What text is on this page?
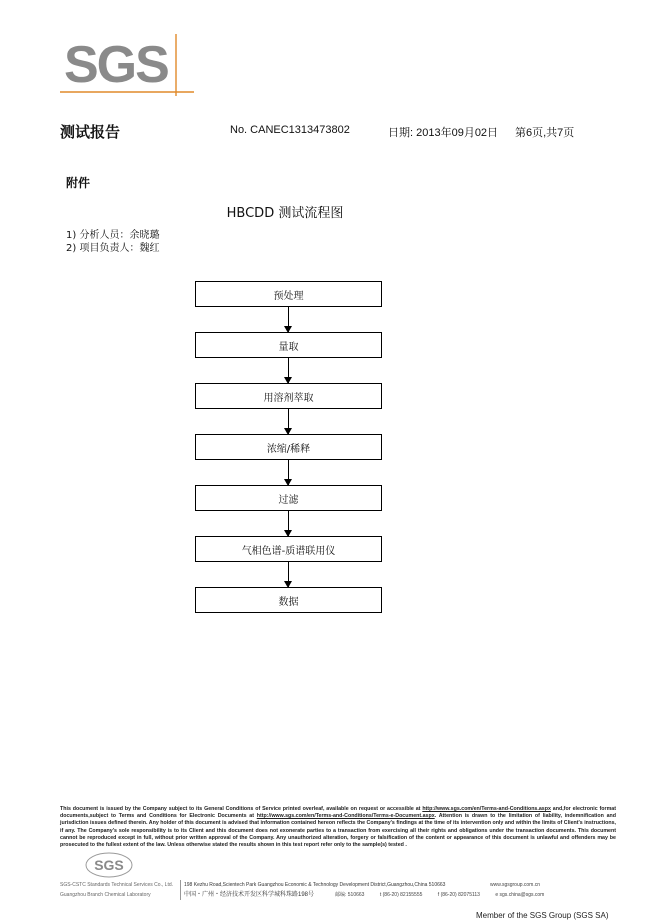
SGS
测试报告	No. CANEC1313473802	日期: 2013年09月02日 第6页,共7页
附件
HBCDD 测试流程图
1) 分析人员：余晓璐
2) 项目负责人：魏红
预处理
量取
用溶剂萃取
浓缩/稀释
过滤
气相色谱-质谱联用仪
数据
This document is issued by the Company subject to its General Conditions of Service printed overleaf, available on request or accessible at http://www.sgs.com/en/Terms-and-Conditions.aspx and,for electronic format documents,subject to Terms and Conditions for Electronic Documents at http://www.sgs.com/en/Terms-and-Conditions/Terms-e-Document.aspx. Attention is drawn to the limitation of liability, indemnification and jurisdiction issues defined therein. Any holder of this document is advised that information contained hereon reflects the Company's findings at the time of its intervention only and within the limits of Client's instructions, if any. The Company's sole responsibility is to its Client and this document does not exonerate parties to a transaction from exercising all their rights and obligations under the transaction documents. This document cannot be reproduced except in full, without prior written approval of the Company. Any unauthorized alteration, forgery or falsification of the content or appearance of this document is unlawful and offenders may be prosecuted to the fullest extent of the law. Unless otherwise stated the results shown in this test report refer only to the sample(s) tested .
SGS
SGS-CSTC Standards Technical Services Co., Ltd.
Guangzhou Branch Chemical Laboratory
198 Kezhu Road,Scientech Park Guangzhou Economic & Technology Development District,Guangzhou,China 510663
中国・广州・经济技术开发区科学城科珠路198号	邮编: 510663	t (86-20) 82155555	f (86-20) 82075113	e sgs.china@sgs.com
www.sgsgroup.com.cn
Member of the SGS Group (SGS SA)
